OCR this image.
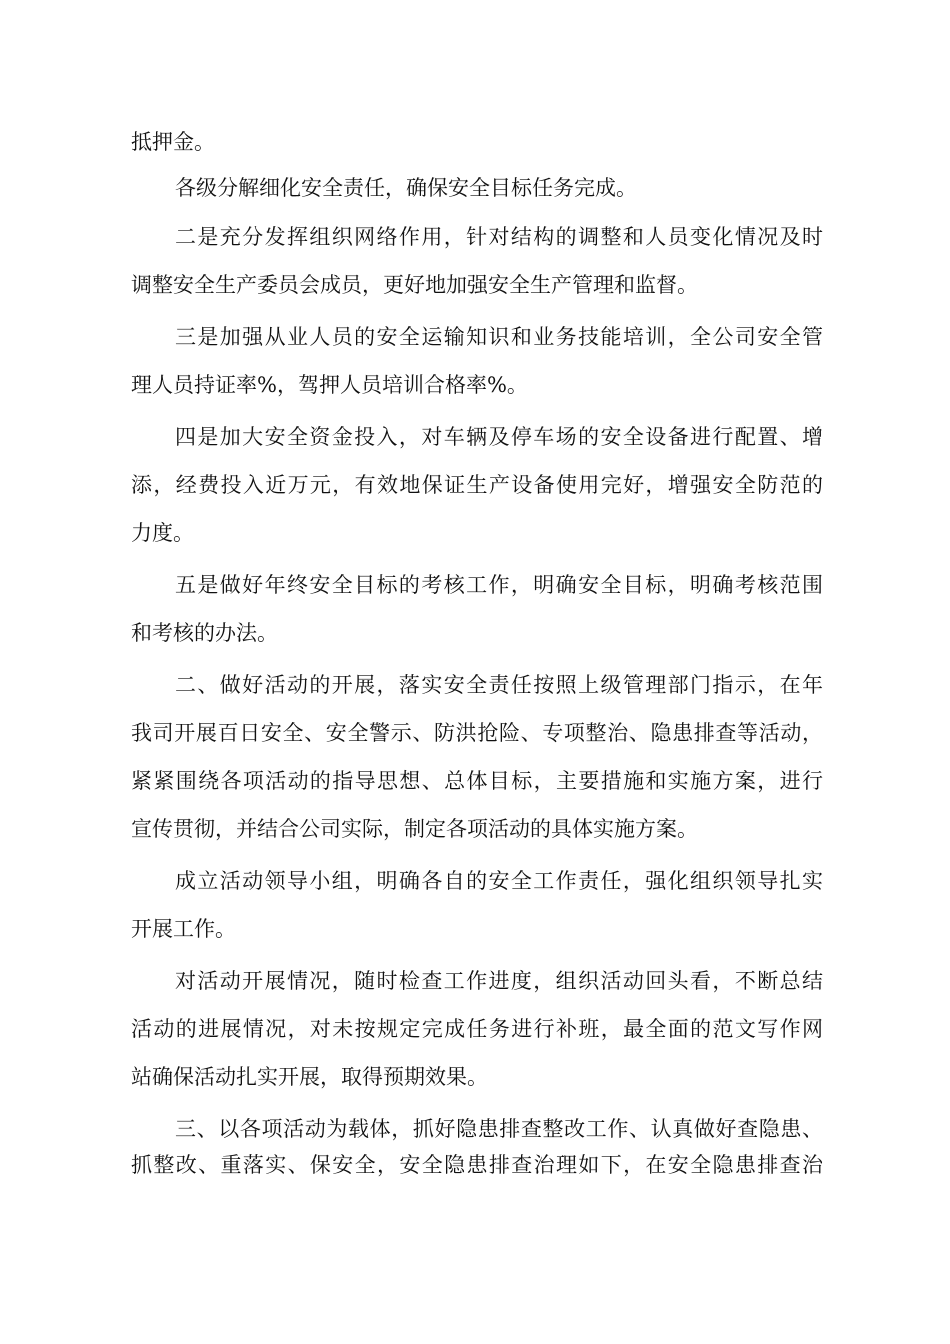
抵押金。
各级分解细化安全责任，确保安全目标任务完成。
二是充分发挥组织网络作用，针对结构的调整和人员变化情况及时
调整安全生产委员会成员，更好地加强安全生产管理和监督。
三是加强从业人员的安全运输知识和业务技能培训，全公司安全管
理人员持证率%，驾押人员培训合格率%。
四是加大安全资金投入，对车辆及停车场的安全设备进行配置、增
添，经费投入近万元，有效地保证生产设备使用完好，增强安全防范的
力度。
五是做好年终安全目标的考核工作，明确安全目标，明确考核范围
和考核的办法。
二、做好活动的开展，落实安全责任按照上级管理部门指示，在年
我司开展百日安全、安全警示、防洪抢险、专项整治、隐患排查等活动，
紧紧围绕各项活动的指导思想、总体目标，主要措施和实施方案，进行
宣传贯彻，并结合公司实际，制定各项活动的具体实施方案。
成立活动领导小组，明确各自的安全工作责任，强化组织领导扎实
开展工作。
对活动开展情况，随时检查工作进度，组织活动回头看，不断总结
活动的进展情况，对未按规定完成任务进行补班，最全面的范文写作网
站确保活动扎实开展，取得预期效果。
三、以各项活动为载体，抓好隐患排查整改工作、认真做好查隐患、
抓整改、重落实、保安全，安全隐患排查治理如下，在安全隐患排查治
